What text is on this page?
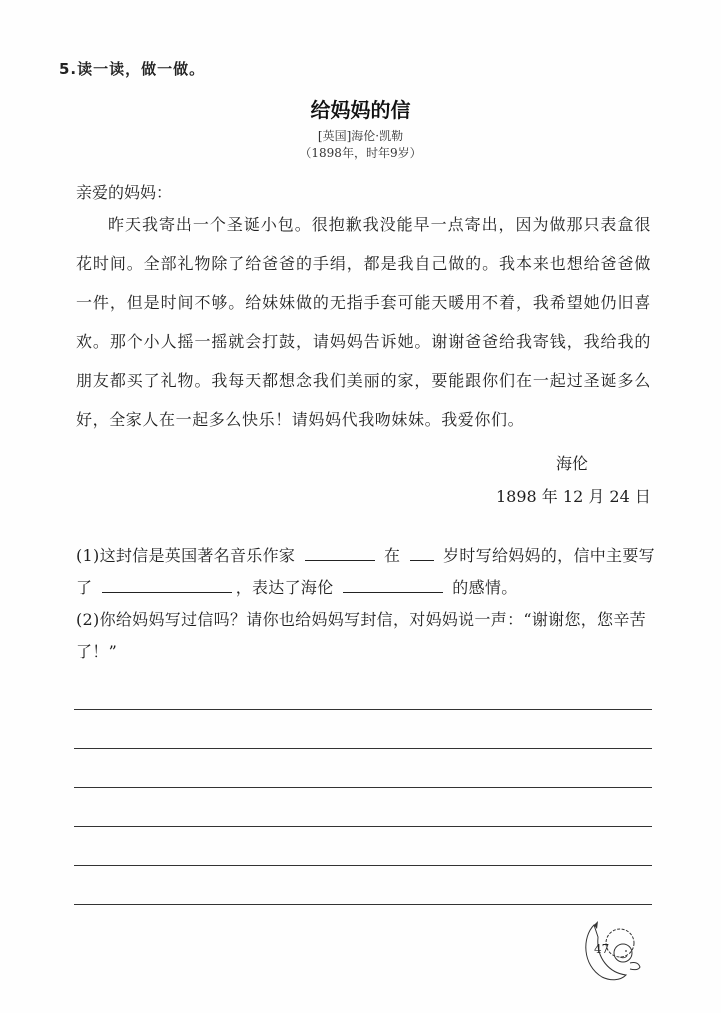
5.读一读，做一做。
给妈妈的信
[英国]海伦·凯勒
（1898年，时年9岁）
亲爱的妈妈：
昨天我寄出一个圣诞小包。很抱歉我没能早一点寄出，因为做那只表盒很花时间。全部礼物除了给爸爸的手绢，都是我自己做的。我本来也想给爸爸做一件，但是时间不够。给妹妹做的无指手套可能天暖用不着，我希望她仍旧喜欢。那个小人摇一摇就会打鼓，请妈妈告诉她。谢谢爸爸给我寄钱，我给我的朋友都买了礼物。我每天都想念我们美丽的家，要能跟你们在一起过圣诞多么好，全家人在一起多么快乐！请妈妈代我吻妹妹。我爱你们。
海伦
1898 年 12 月 24 日
(1)这封信是英国著名音乐作家	在	岁时写给妈妈的，信中主要写了	，表达了海伦	的感情。
(2)你给妈妈写过信吗？请你也给妈妈写封信，对妈妈说一声：“谢谢您，您辛苦了！”
47
